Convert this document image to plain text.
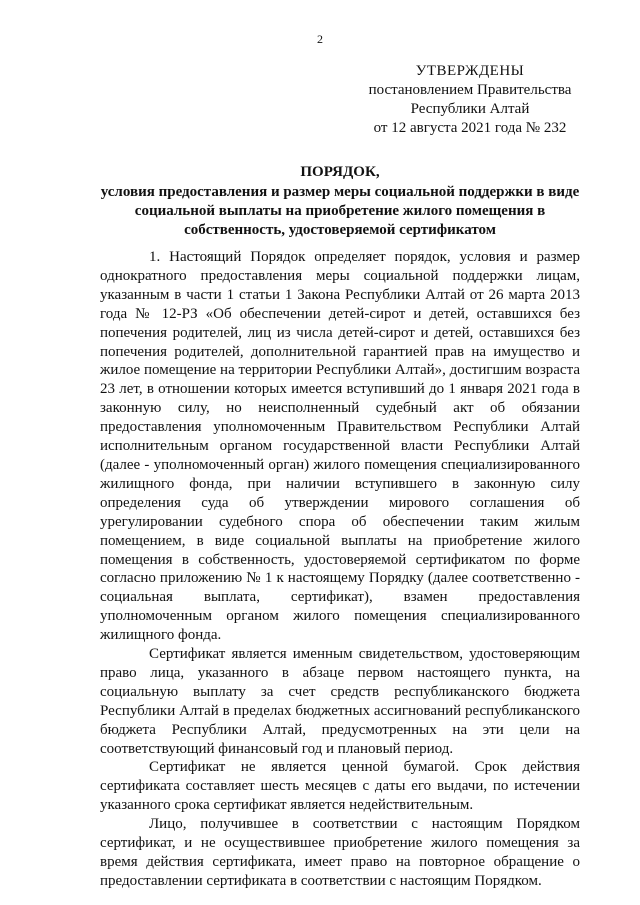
2
УТВЕРЖДЕНЫ
постановлением Правительства
Республики Алтай
от 12 августа 2021 года № 232
ПОРЯДОК,
условия предоставления и размер меры социальной поддержки в виде социальной выплаты на приобретение жилого помещения в собственность, удостоверяемой сертификатом

1. Настоящий Порядок определяет порядок, условия и размер однократного предоставления меры социальной поддержки лицам, указанным в части 1 статьи 1 Закона Республики Алтай от 26 марта 2013 года № 12-РЗ «Об обеспечении детей-сирот и детей, оставшихся без попечения родителей, лиц из числа детей-сирот и детей, оставшихся без попечения родителей, дополнительной гарантией прав на имущество и жилое помещение на территории Республики Алтай», достигшим возраста 23 лет, в отношении которых имеется вступивший до 1 января 2021 года в законную силу, но неисполненный судебный акт об обязании предоставления уполномоченным Правительством Республики Алтай исполнительным органом государственной власти Республики Алтай (далее - уполномоченный орган) жилого помещения специализированного жилищного фонда, при наличии вступившего в законную силу определения суда об утверждении мирового соглашения об урегулировании судебного спора об обеспечении таким жилым помещением, в виде социальной выплаты на приобретение жилого помещения в собственность, удостоверяемой сертификатом по форме согласно приложению № 1 к настоящему Порядку (далее соответственно - социальная выплата, сертификат), взамен предоставления уполномоченным органом жилого помещения специализированного жилищного фонда.

Сертификат является именным свидетельством, удостоверяющим право лица, указанного в абзаце первом настоящего пункта, на социальную выплату за счет средств республиканского бюджета Республики Алтай в пределах бюджетных ассигнований республиканского бюджета Республики Алтай, предусмотренных на эти цели на соответствующий финансовый год и плановый период.

Сертификат не является ценной бумагой. Срок действия сертификата составляет шесть месяцев с даты его выдачи, по истечении указанного срока сертификат является недействительным.

Лицо, получившее в соответствии с настоящим Порядком сертификат, и не осуществившее приобретение жилого помещения за время действия сертификата, имеет право на повторное обращение о предоставлении сертификата в соответствии с настоящим Порядком.
